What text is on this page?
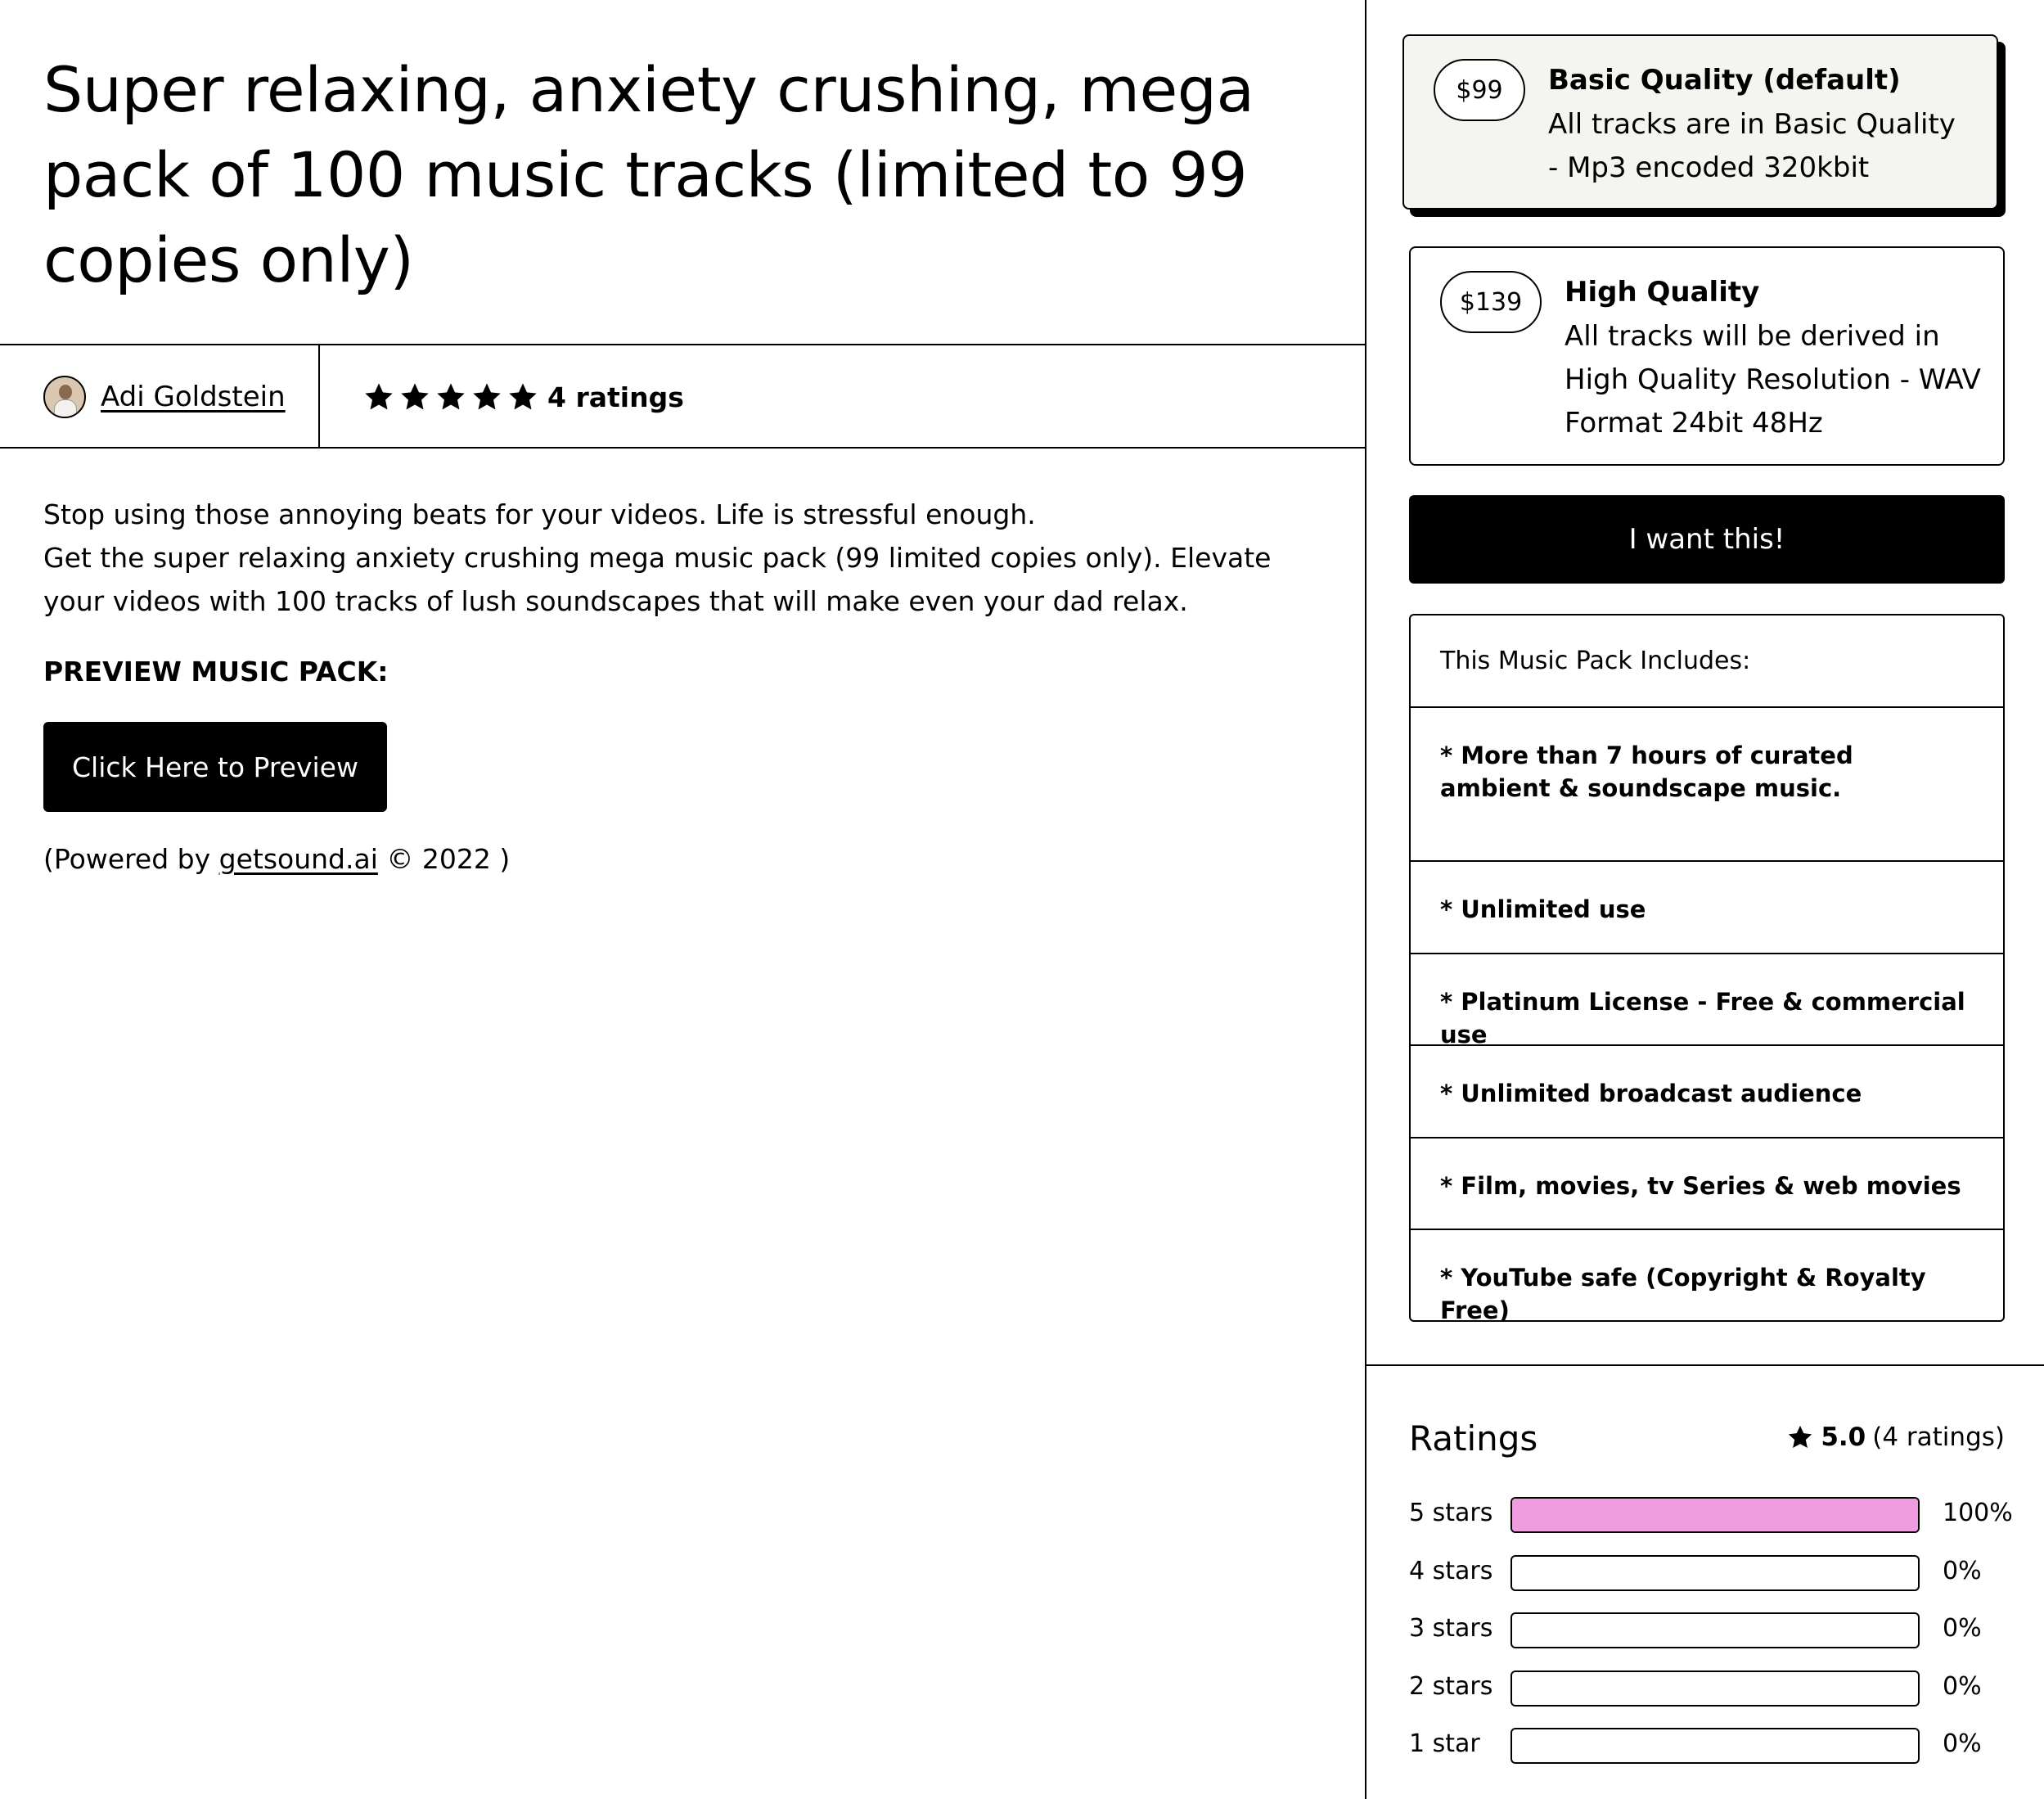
Super relaxing, anxiety crushing, mega pack of 100 music tracks (limited to 99 copies only)
Adi Goldstein	4 ratings
Stop using those annoying beats for your videos. Life is stressful enough.
Get the super relaxing anxiety crushing mega music pack (99 limited copies only). Elevate your videos with 100 tracks of lush soundscapes that will make even your dad relax.
PREVIEW MUSIC PACK:
Click Here to Preview
(Powered by getsound.ai © 2022 )
$99	Basic Quality (default)
All tracks are in Basic Quality - Mp3 encoded 320kbit
$139	High Quality
All tracks will be derived in High Quality Resolution - WAV Format 24bit 48Hz
I want this!
This Music Pack Includes:
* More than 7 hours of curated ambient & soundscape music.
* Unlimited use
* Platinum License - Free & commercial use
* Unlimited broadcast audience
* Film, movies, tv Series & web movies
* YouTube safe (Copyright & Royalty Free)
Ratings	5.0 (4 ratings)
5 stars	100%
4 stars	0%
3 stars	0%
2 stars	0%
1 star	0%
